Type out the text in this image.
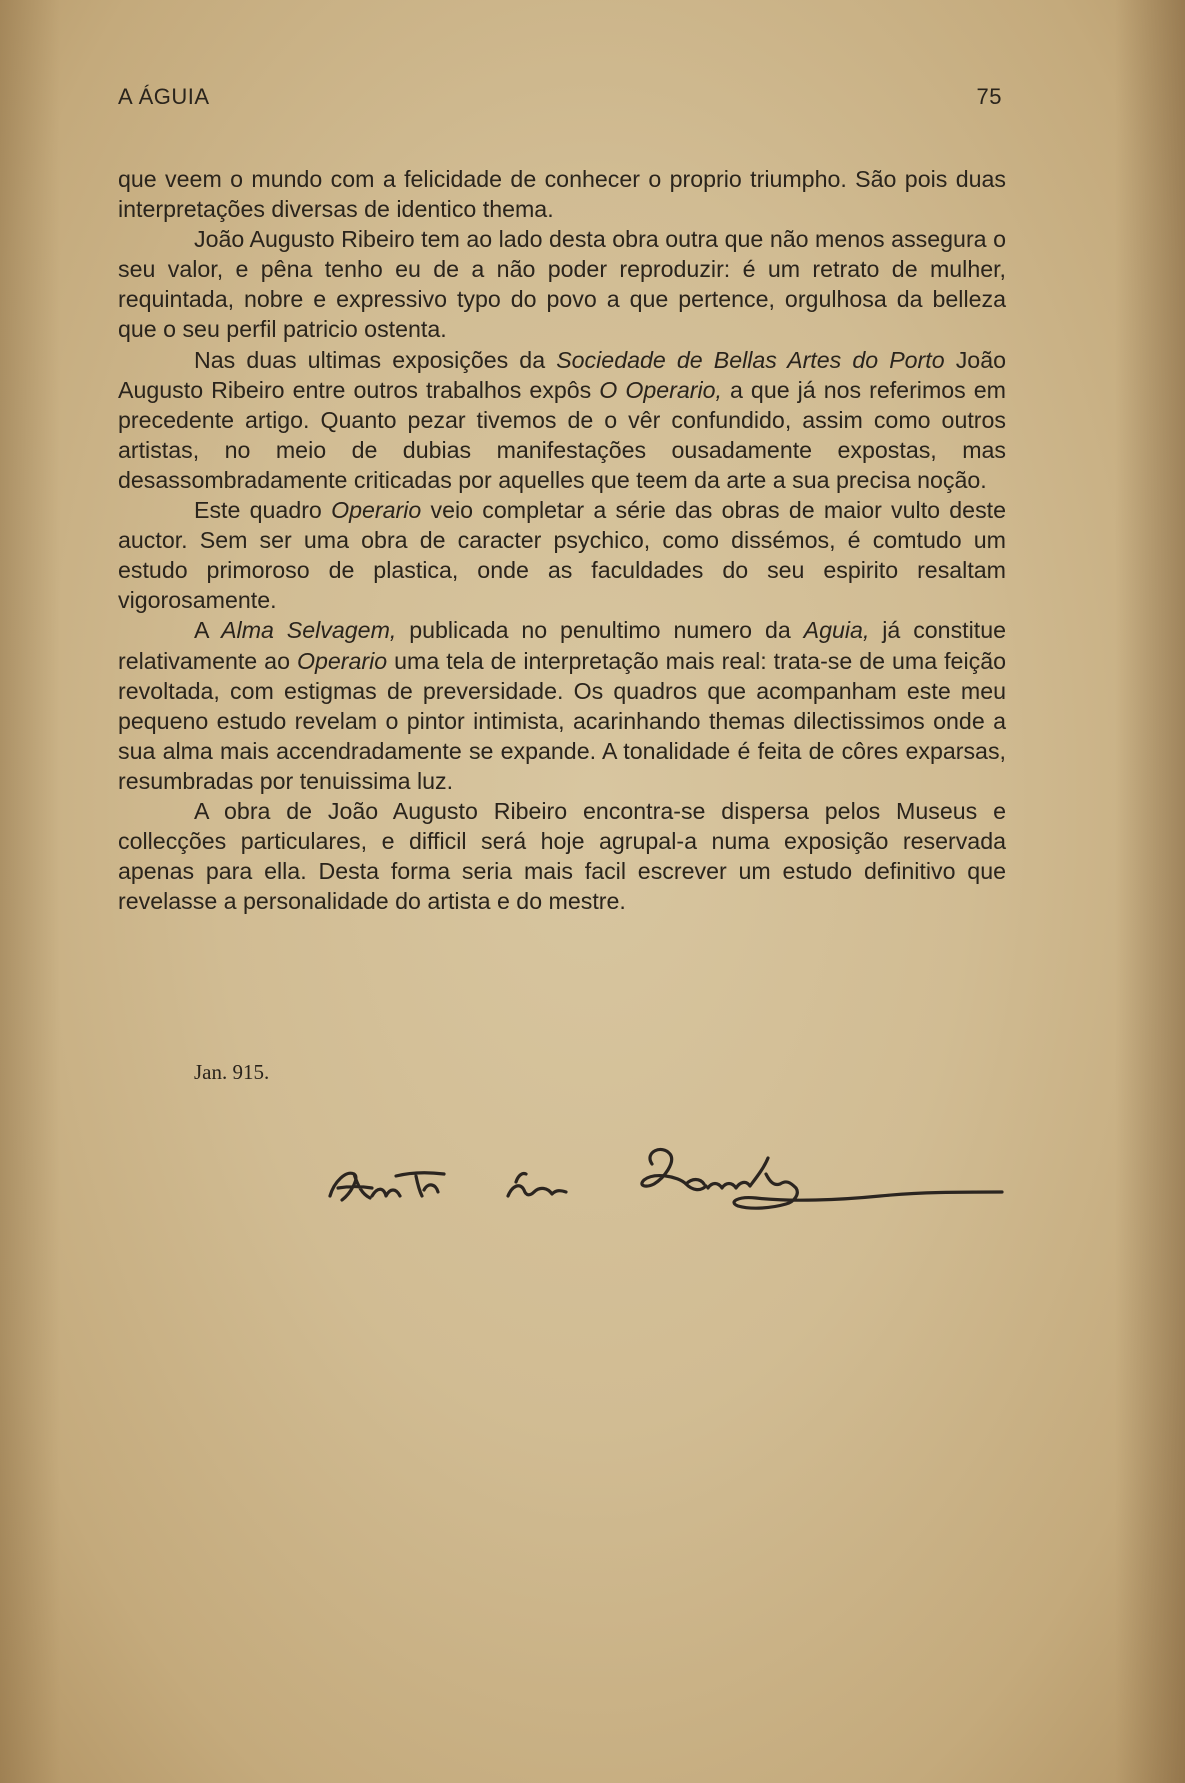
A ÁGUIA	75

que veem o mundo com a felicidade de conhecer o proprio triumpho. São pois duas interpretações diversas de identico thema.

João Augusto Ribeiro tem ao lado desta obra outra que não menos assegura o seu valor, e pêna tenho eu de a não poder reproduzir: é um retrato de mulher, requintada, nobre e expressivo typo do povo a que pertence, orgulhosa da belleza que o seu perfil patricio ostenta.

Nas duas ultimas exposições da Sociedade de Bellas Artes do Porto João Augusto Ribeiro entre outros trabalhos expôs O Operario, a que já nos referimos em precedente artigo. Quanto pezar tivemos de o vêr confundido, assim como outros artistas, no meio de dubias manifestações ousadamente expostas, mas desassombradamente criticadas por aquelles que teem da arte a sua precisa noção.

Este quadro Operario veio completar a série das obras de maior vulto deste auctor. Sem ser uma obra de caracter psychico, como dissémos, é comtudo um estudo primoroso de plastica, onde as faculdades do seu espirito resaltam vigorosamente.

A Alma Selvagem, publicada no penultimo numero da Aguia, já constitue relativamente ao Operario uma tela de interpretação mais real: trata-se de uma feição revoltada, com estigmas de preversidade. Os quadros que acompanham este meu pequeno estudo revelam o pintor intimista, acarinhando themas dilectissimos onde a sua alma mais accendradamente se expande. A tonalidade é feita de côres exparsas, resumbradas por tenuissima luz.

A obra de João Augusto Ribeiro encontra-se dispersa pelos Museus e collecções particulares, e difficil será hoje agrupal-a numa exposição reservada apenas para ella. Desta forma seria mais facil escrever um estudo definitivo que revelasse a personalidade do artista e do mestre.

Jan. 915.
